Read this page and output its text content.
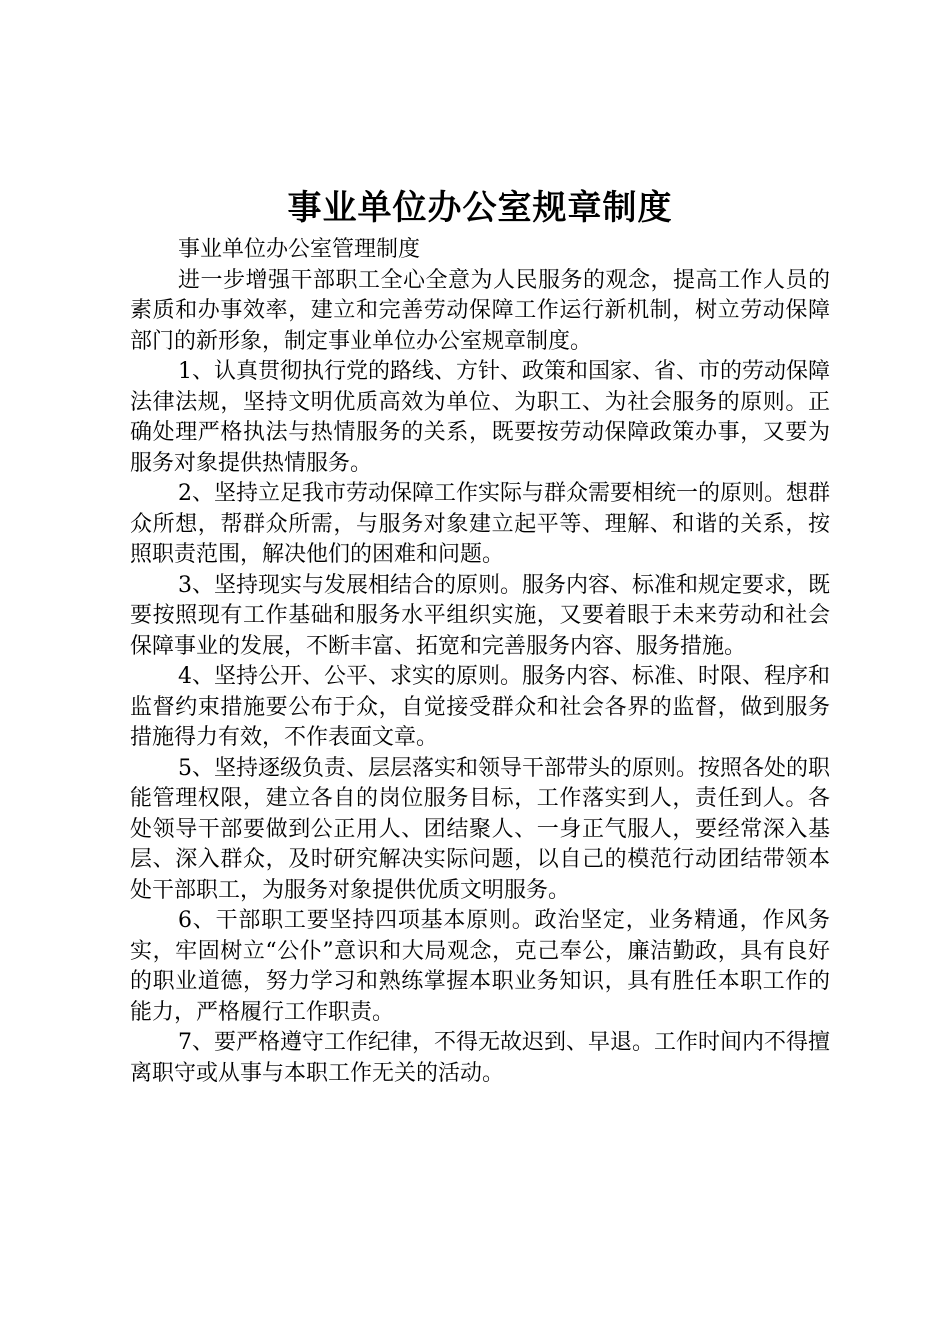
事业单位办公室规章制度

事业单位办公室管理制度

进一步增强干部职工全心全意为人民服务的观念，提高工作人员的素质和办事效率，建立和完善劳动保障工作运行新机制，树立劳动保障部门的新形象，制定事业单位办公室规章制度。

1、认真贯彻执行党的路线、方针、政策和国家、省、市的劳动保障法律法规，坚持文明优质高效为单位、为职工、为社会服务的原则。正确处理严格执法与热情服务的关系，既要按劳动保障政策办事，又要为服务对象提供热情服务。

2、坚持立足我市劳动保障工作实际与群众需要相统一的原则。想群众所想，帮群众所需，与服务对象建立起平等、理解、和谐的关系，按照职责范围，解决他们的困难和问题。

3、坚持现实与发展相结合的原则。服务内容、标准和规定要求，既要按照现有工作基础和服务水平组织实施，又要着眼于未来劳动和社会保障事业的发展，不断丰富、拓宽和完善服务内容、服务措施。

4、坚持公开、公平、求实的原则。服务内容、标准、时限、程序和监督约束措施要公布于众，自觉接受群众和社会各界的监督，做到服务措施得力有效，不作表面文章。

5、坚持逐级负责、层层落实和领导干部带头的原则。按照各处的职能管理权限，建立各自的岗位服务目标，工作落实到人，责任到人。各处领导干部要做到公正用人、团结聚人、一身正气服人，要经常深入基层、深入群众，及时研究解决实际问题，以自己的模范行动团结带领本处干部职工，为服务对象提供优质文明服务。

6、干部职工要坚持四项基本原则。政治坚定，业务精通，作风务实，牢固树立“公仆”意识和大局观念，克己奉公，廉洁勤政，具有良好的职业道德，努力学习和熟练掌握本职业务知识，具有胜任本职工作的能力，严格履行工作职责。

7、要严格遵守工作纪律，不得无故迟到、早退。工作时间内不得擅离职守或从事与本职工作无关的活动。
